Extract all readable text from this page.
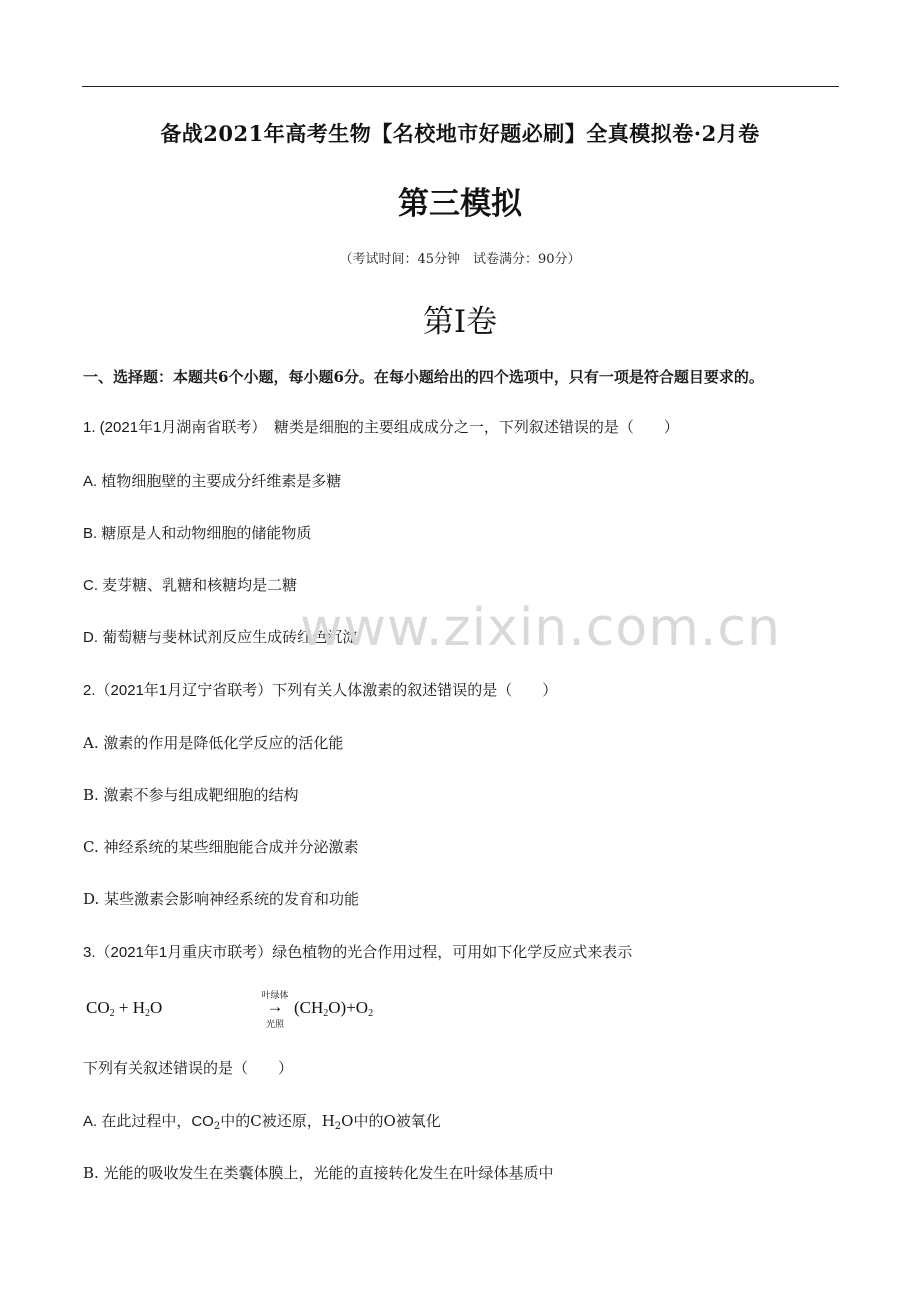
备战2021年高考生物【名校地市好题必刷】全真模拟卷·2月卷
第三模拟
（考试时间：45分钟　试卷满分：90分）
第I卷
一、选择题：本题共6个小题，每小题6分。在每小题给出的四个选项中，只有一项是符合题目要求的。
1. (2021年1月湖南省联考）　糖类是细胞的主要组成成分之一，下列叙述错误的是（　　）
A. 植物细胞壁的主要成分纤维素是多糖
B. 糖原是人和动物细胞的储能物质
C. 麦芽糖、乳糖和核糖均是二糖
D. 葡萄糖与斐林试剂反应生成砖红色沉淀
2.（2021年1月辽宁省联考）下列有关人体激素的叙述错误的是（　　）
A. 激素的作用是降低化学反应的活化能
B. 激素不参与组成靶细胞的结构
C. 神经系统的某些细胞能合成并分泌激素
D. 某些激素会影响神经系统的发育和功能
3.（2021年1月重庆市联考）绿色植物的光合作用过程，可用如下化学反应式来表示
$CO_2 + H_2O$
叶绿体
→
光照
$(CH_2O)+O_2$
下列有关叙述错误的是（　　）
A. 在此过程中，$CO_2$中的C被还原，$H_2O$中的O被氧化
B. 光能的吸收发生在类囊体膜上，光能的直接转化发生在叶绿体基质中
www.zixin.com.cn
